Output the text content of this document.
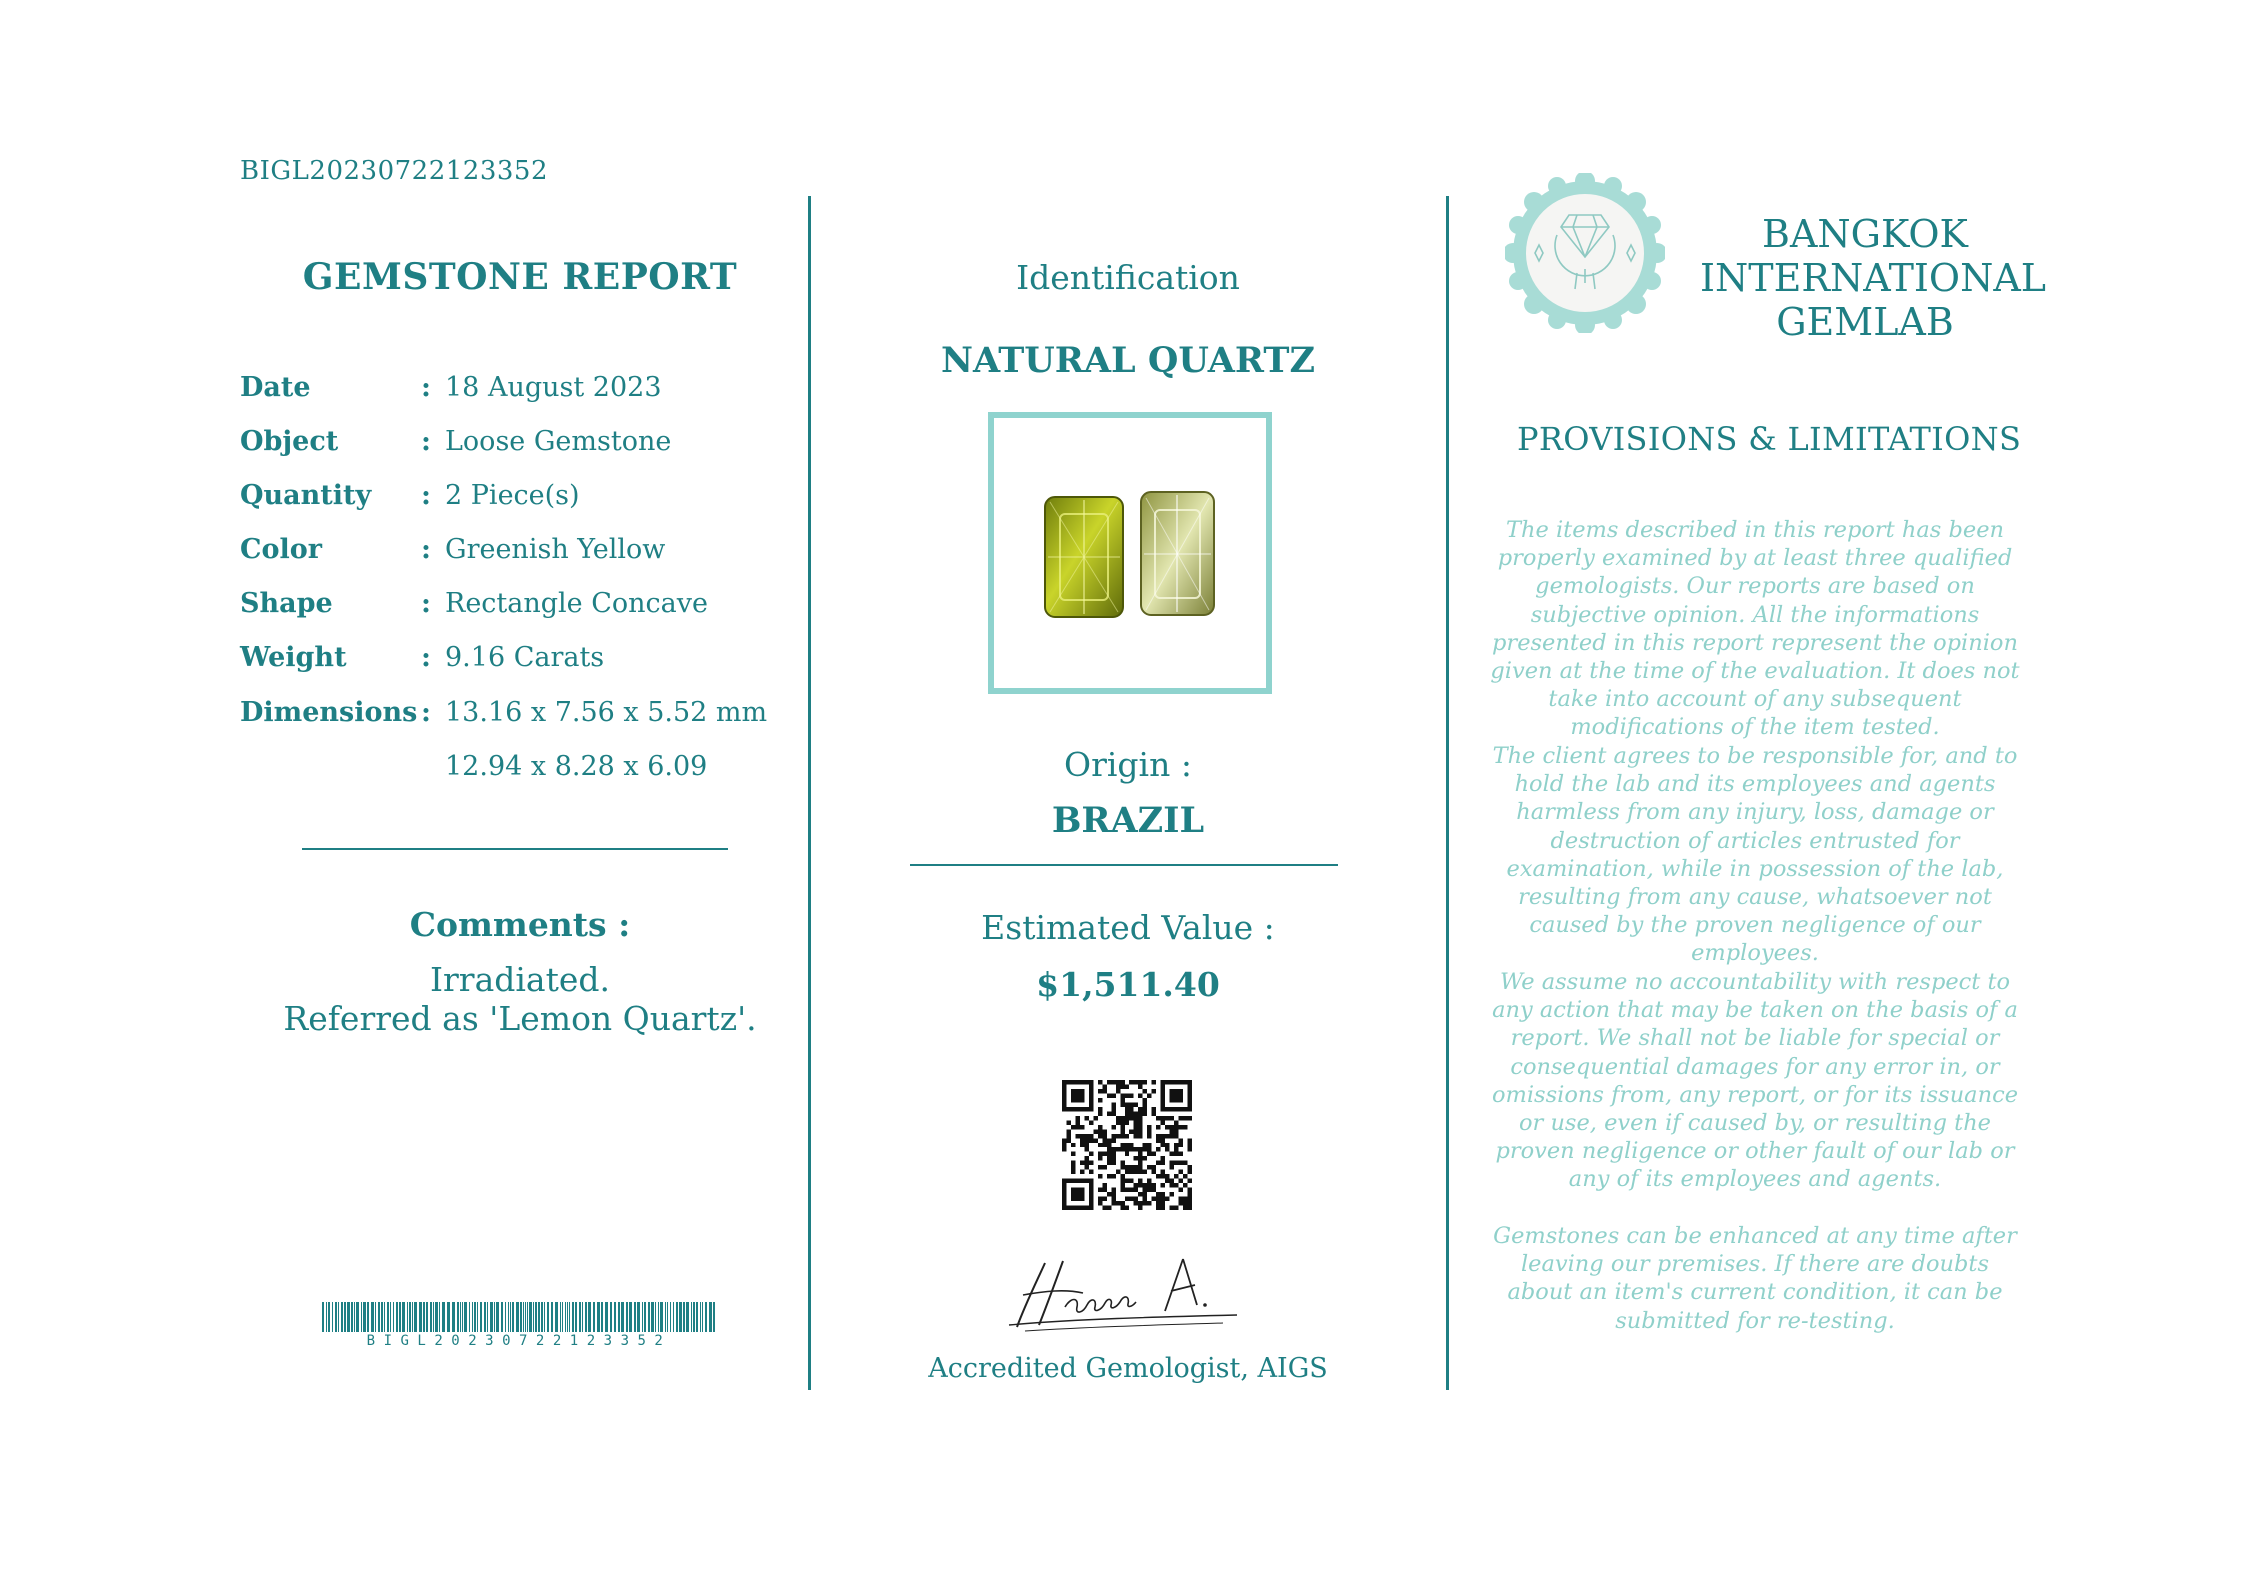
BIGL20230722123352
GEMSTONE REPORT
Date	: 18 August 2023
Object	: Loose Gemstone
Quantity : 2 Piece(s)
Color	: Greenish Yellow
Shape	: Rectangle Concave
Weight	: 9.16 Carats
Dimensions : 13.16 x 7.56 x 5.52 mm
12.94 x 8.28 x 6.09
Comments :
Irradiated.
Referred as 'Lemon Quartz'.
BIGL20230722123352
Identification
NATURAL QUARTZ
Origin :
BRAZIL
Estimated Value :
$1,511.40
Accredited Gemologist, AIGS
BANGKOK
INTERNATIONAL
GEMLAB
PROVISIONS & LIMITATIONS
The items described in this report has been properly examined by at least three qualified gemologists. Our reports are based on subjective opinion. All the informations presented in this report represent the opinion given at the time of the evaluation. It does not take into account of any subsequent modifications of the item tested.
The client agrees to be responsible for, and to hold the lab and its employees and agents harmless from any injury, loss, damage or destruction of articles entrusted for examination, while in possession of the lab, resulting from any cause, whatsoever not caused by the proven negligence of our employees.
We assume no accountability with respect to any action that may be taken on the basis of a report. We shall not be liable for special or consequential damages for any error in, or omissions from, any report, or for its issuance or use, even if caused by, or resulting the proven negligence or other fault of our lab or any of its employees and agents.
Gemstones can be enhanced at any time after leaving our premises. If there are doubts about an item's current condition, it can be submitted for re-testing.
